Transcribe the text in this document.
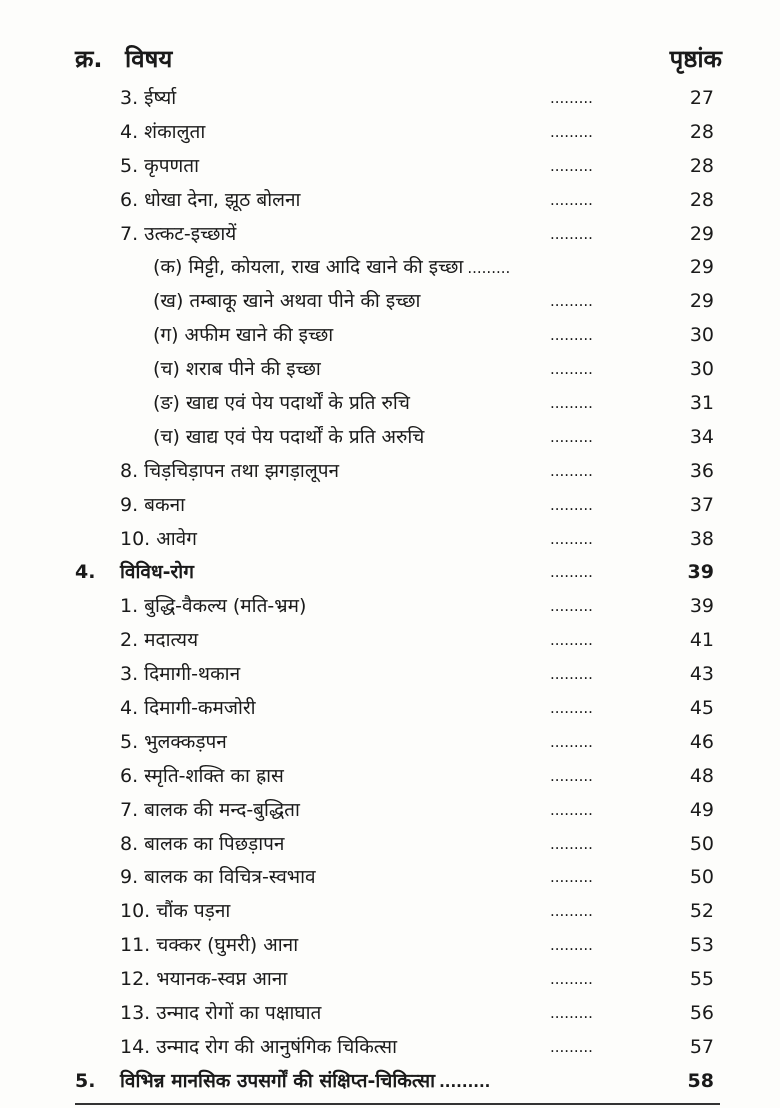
क्र. विषय	पृष्ठांक
3. ईर्ष्या	.........	27
4. शंकालुता	.........	28
5. कृपणता	.........	28
6. धोखा देना, झूठ बोलना	.........	28
7. उत्कट-इच्छायें	.........	29
(क) मिट्टी, कोयला, राख आदि खाने की इच्छा .........	29
(ख) तम्बाकू खाने अथवा पीने की इच्छा	.........	29
(ग) अफीम खाने की इच्छा	.........	30
(च) शराब पीने की इच्छा	.........	30
(ङ) खाद्य एवं पेय पदार्थों के प्रति रुचि	.........	31
(च) खाद्य एवं पेय पदार्थों के प्रति अरुचि	.........	34
8. चिड़चिड़ापन तथा झगड़ालूपन	.........	36
9. बकना	.........	37
10. आवेग	.........	38
4. विविध-रोग	.........	39
1. बुद्धि-वैकल्य (मति-भ्रम)	.........	39
2. मदात्यय	.........	41
3. दिमागी-थकान	.........	43
4. दिमागी-कमजोरी	.........	45
5. भुलक्कड़पन	.........	46
6. स्मृति-शक्ति का ह्रास	.........	48
7. बालक की मन्द-बुद्धिता	.........	49
8. बालक का पिछड़ापन	.........	50
9. बालक का विचित्र-स्वभाव	.........	50
10. चौंक पड़ना	.........	52
11. चक्कर (घुमरी) आना	.........	53
12. भयानक-स्वप्न आना	.........	55
13. उन्माद रोगों का पक्षाघात	.........	56
14. उन्माद रोग की आनुषंगिक चिकित्सा	.........	57
5. विभिन्न मानसिक उपसर्गों की संक्षिप्त-चिकित्सा .........	58
